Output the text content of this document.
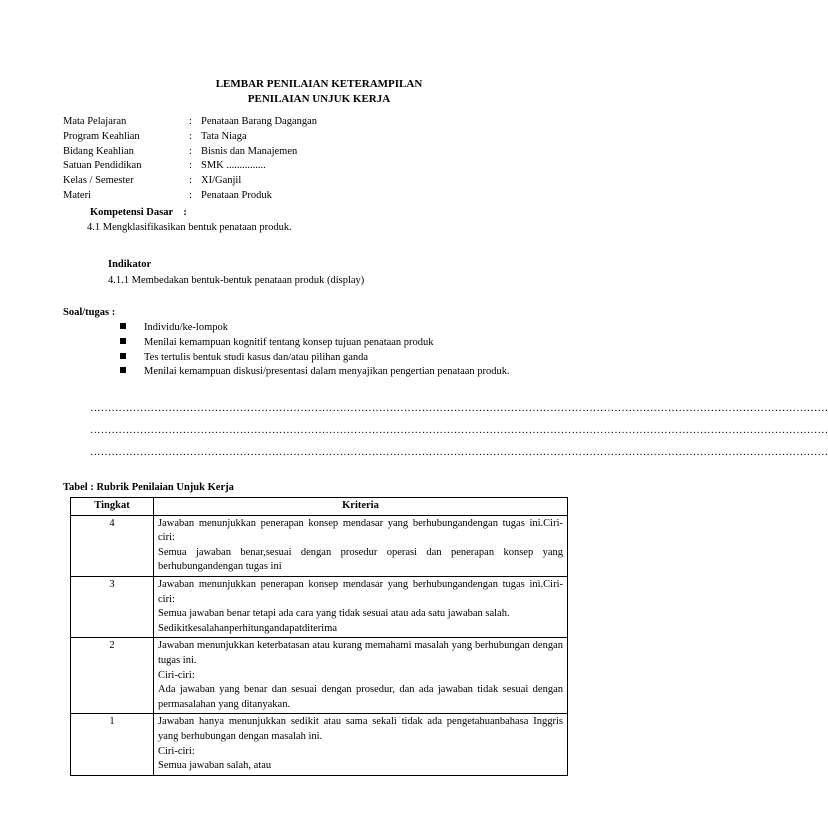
LEMBAR PENILAIAN KETERAMPILAN
PENILAIAN UNJUK KERJA
Mata Pelajaran	: Penataan Barang Dagangan
Program Keahlian	: Tata Niaga
Bidang Keahlian	: Bisnis dan Manajemen
Satuan Pendidikan	: SMK ...............
Kelas / Semester	: XI/Ganjil
Materi	: Penataan Produk
Kompetensi Dasar    :
4.1 Mengklasifikasikan bentuk penataan produk.
Indikator
4.1.1 Membedakan bentuk-bentuk penataan produk (display)
Soal/tugas :
Individu/ke-lompok
Menilai kemampuan kognitif tentang konsep tujuan penataan produk
Tes tertulis bentuk studi kasus dan/atau pilihan ganda
Menilai kemampuan diskusi/presentasi dalam menyajikan pengertian penataan produk.
………………………………………………………………………………………………………………………………………………………………………………………
………………………………………………………………………………………………………………………………………………………………………………………
………………………………………………………………………………………………………………………………………………………………………………………
Tabel : Rubrik Penilaian Unjuk Kerja
Tingkat	Kriteria
4	Jawaban menunjukkan penerapan konsep mendasar yang berhubungandengan tugas ini.Ciri-ciri:
Semua jawaban benar,sesuai dengan prosedur operasi dan penerapan konsep yang berhubungandengan tugas ini

3	Jawaban menunjukkan penerapan konsep mendasar yang berhubungandengan tugas ini.Ciri-ciri:
Semua jawaban benar tetapi ada cara yang tidak sesuai atau ada satu jawaban salah.
Sedikitkesalahanperhitungandapatditerima

2	Jawaban menunjukkan keterbatasan atau kurang memahami masalah yang berhubungan dengan tugas ini.
Ciri-ciri:
Ada jawaban yang benar dan sesuai dengan prosedur, dan ada jawaban tidak sesuai dengan permasalahan yang ditanyakan.

1	Jawaban hanya menunjukkan sedikit atau sama sekali tidak ada pengetahuanbahasa Inggris yang berhubungan dengan masalah ini.
Ciri-ciri:
Semua jawaban salah, atau
